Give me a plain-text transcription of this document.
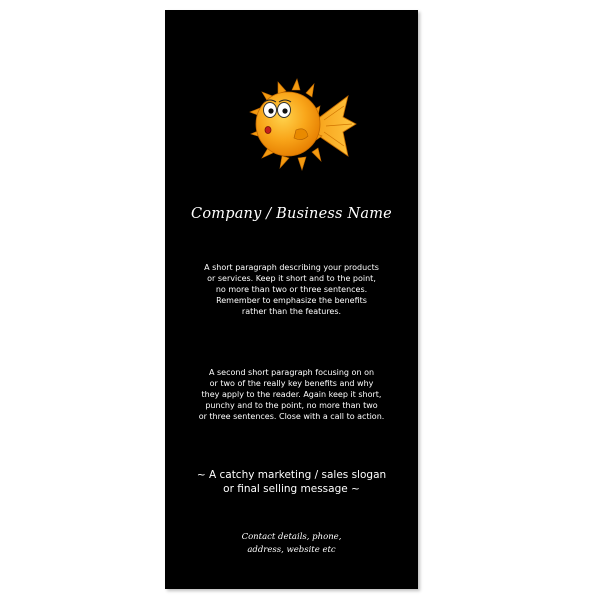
Company / Business Name
A short paragraph describing your products
or services. Keep it short and to the point,
no more than two or three sentences.
Remember to emphasize the benefits
rather than the features.
A second short paragraph focusing on on
or two of the really key benefits and why
they apply to the reader. Again keep it short,
punchy and to the point, no more than two
or three sentences. Close with a call to action.
~ A catchy marketing / sales slogan
or final selling message ~
Contact details, phone,
address, website etc
